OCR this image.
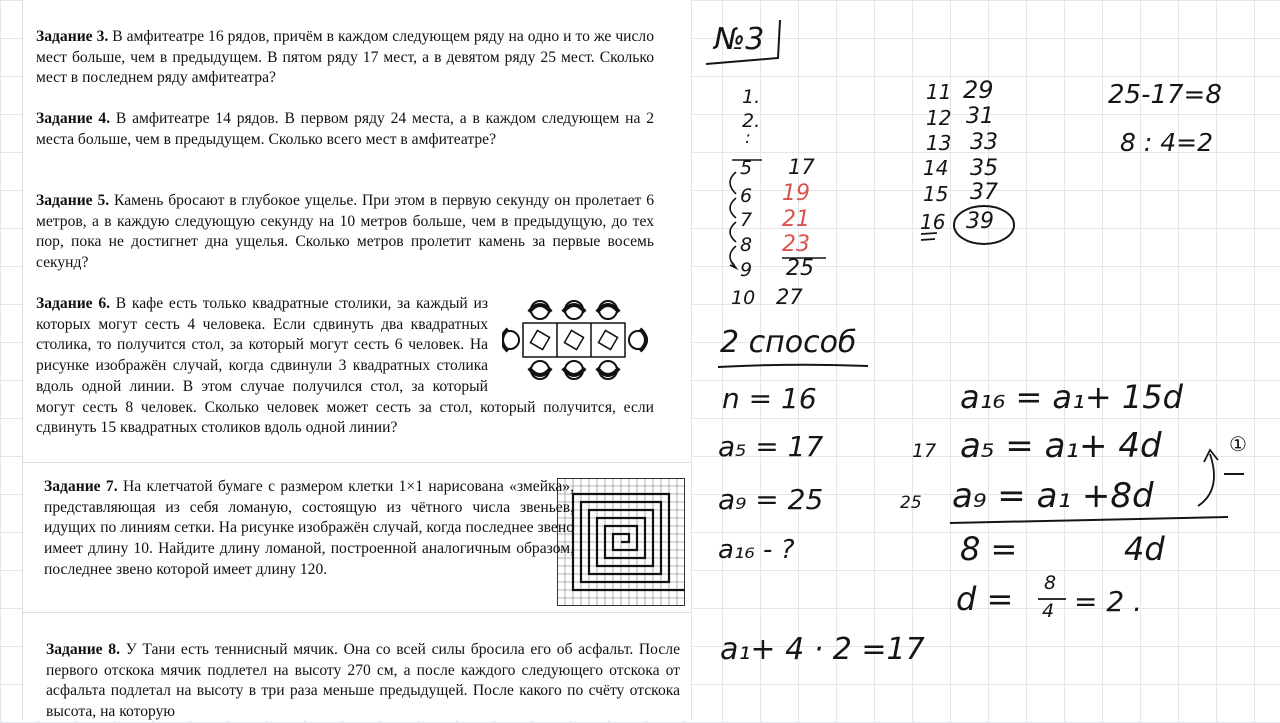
Задание 3. В амфитеатре 16 рядов, причём в каждом следующем ряду на одно и то же число мест больше, чем в предыдущем. В пятом ряду 17 мест, а в девятом ряду 25 мест. Сколько мест в последнем ряду амфитеатра?

Задание 4. В амфитеатре 14 рядов. В первом ряду 24 места, а в каждом следующем на 2 места больше, чем в предыдущем. Сколько всего мест в амфитеатре?

Задание 5. Камень бросают в глубокое ущелье. При этом в первую секунду он пролетает 6 метров, а в каждую следующую секунду на 10 метров больше, чем в предыдущую, до тех пор, пока не достигнет дна ущелья. Сколько метров пролетит камень за первые восемь секунд?

Задание 6. В кафе есть только квадратные столики, за каждый из которых могут сесть 4 человека. Если сдвинуть два квадратных столика, то получится стол, за который могут сесть 6 человек. На рисунке изображён случай, когда сдвинули 3 квадратных столика вдоль одной линии. В этом случае получился стол, за который могут сесть 8 человек. Сколько человек может сесть за стол, который получится, если сдвинуть 15 квадратных столиков вдоль одной линии?

Задание 7. На клетчатой бумаге с размером клетки 1×1 нарисована «змейка», представляющая из себя ломаную, состоящую из чётного числа звеньев, идущих по линиям сетки. На рисунке изображён случай, когда последнее звено имеет длину 10. Найдите длину ломаной, построенной аналогичным образом, последнее звено которой имеет длину 120.

Задание 8. У Тани есть теннисный мячик. Она со всей силы бросила его об асфальт. После первого отскока мячик подлетел на высоту 270 см, а после каждого следующего отскока от асфальта подлетал на высоту в три раза меньше предыдущей. После какого по счёту отскока высота, на которую

№3
1.
2.
:
5 17
6 19
7 21
8 23
9 25
10 27
11 29
12 31
13 33
14 35
15 37
16 39
25-17=8
8 : 4=2
2 способ
n = 16
a₅ = 17
a₉ = 25
a₁₆ - ?
a₁₆ = a₁+ 15d
17 a₅ = a₁+ 4d
25 a₉ = a₁ +8d
8 =	4d
①
d = 8
4 = 2 .
a₁+ 4 · 2 =17
